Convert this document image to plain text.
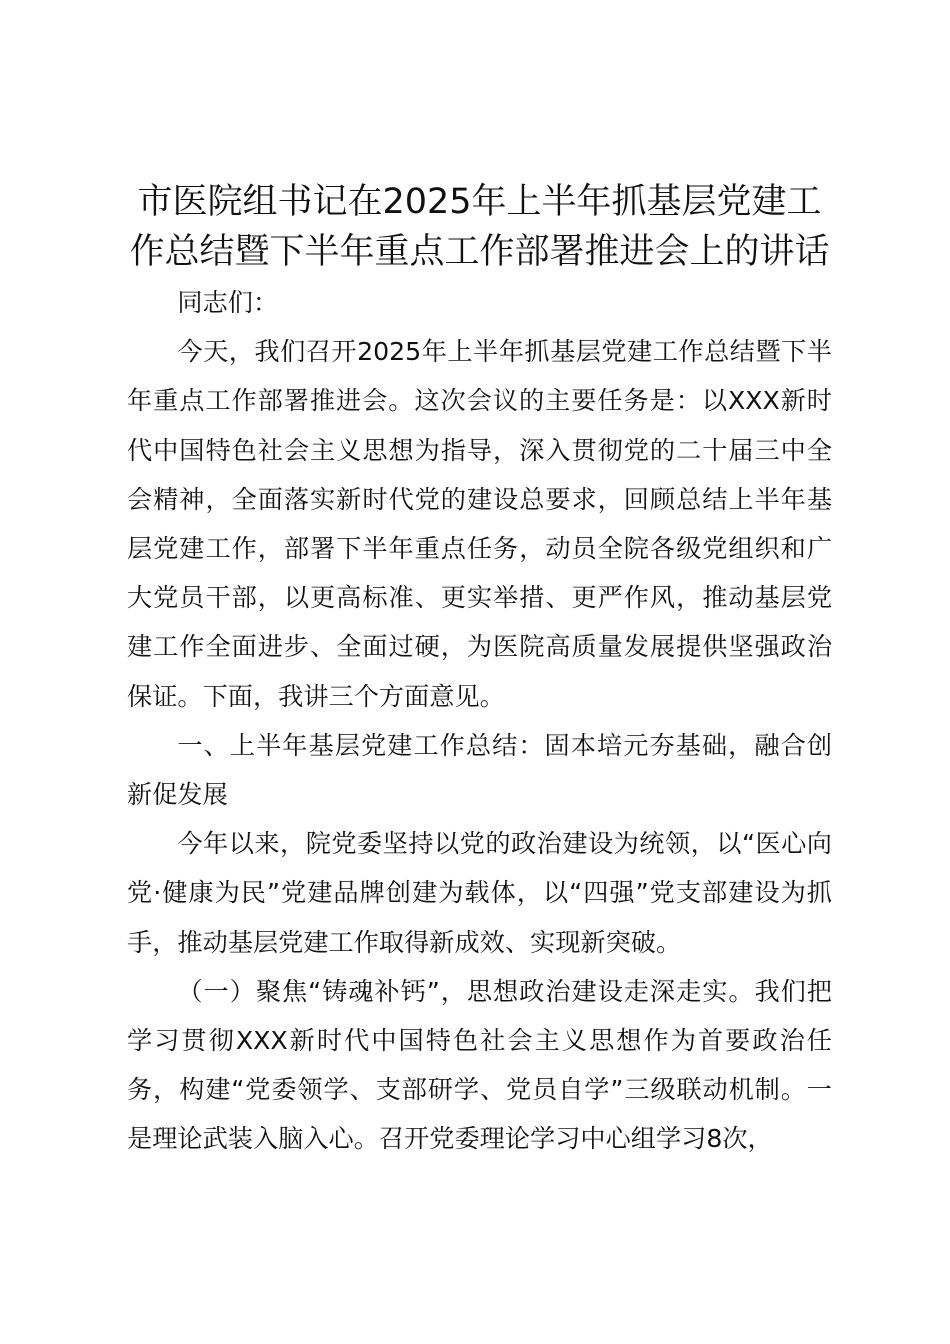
市医院组书记在2025年上半年抓基层党建工作总结暨下半年重点工作部署推进会上的讲话

同志们：

今天，我们召开2025年上半年抓基层党建工作总结暨下半年重点工作部署推进会。这次会议的主要任务是：以XXX新时代中国特色社会主义思想为指导，深入贯彻党的二十届三中全会精神，全面落实新时代党的建设总要求，回顾总结上半年基层党建工作，部署下半年重点任务，动员全院各级党组织和广大党员干部，以更高标准、更实举措、更严作风，推动基层党建工作全面进步、全面过硬，为医院高质量发展提供坚强政治保证。下面，我讲三个方面意见。

一、上半年基层党建工作总结：固本培元夯基础，融合创新促发展

今年以来，院党委坚持以党的政治建设为统领，以“医心向党·健康为民”党建品牌创建为载体，以“四强”党支部建设为抓手，推动基层党建工作取得新成效、实现新突破。

（一）聚焦“铸魂补钙”，思想政治建设走深走实。我们把学习贯彻XXX新时代中国特色社会主义思想作为首要政治任务，构建“党委领学、支部研学、党员自学”三级联动机制。一是理论武装入脑入心。召开党委理论学习中心组学习8次，
